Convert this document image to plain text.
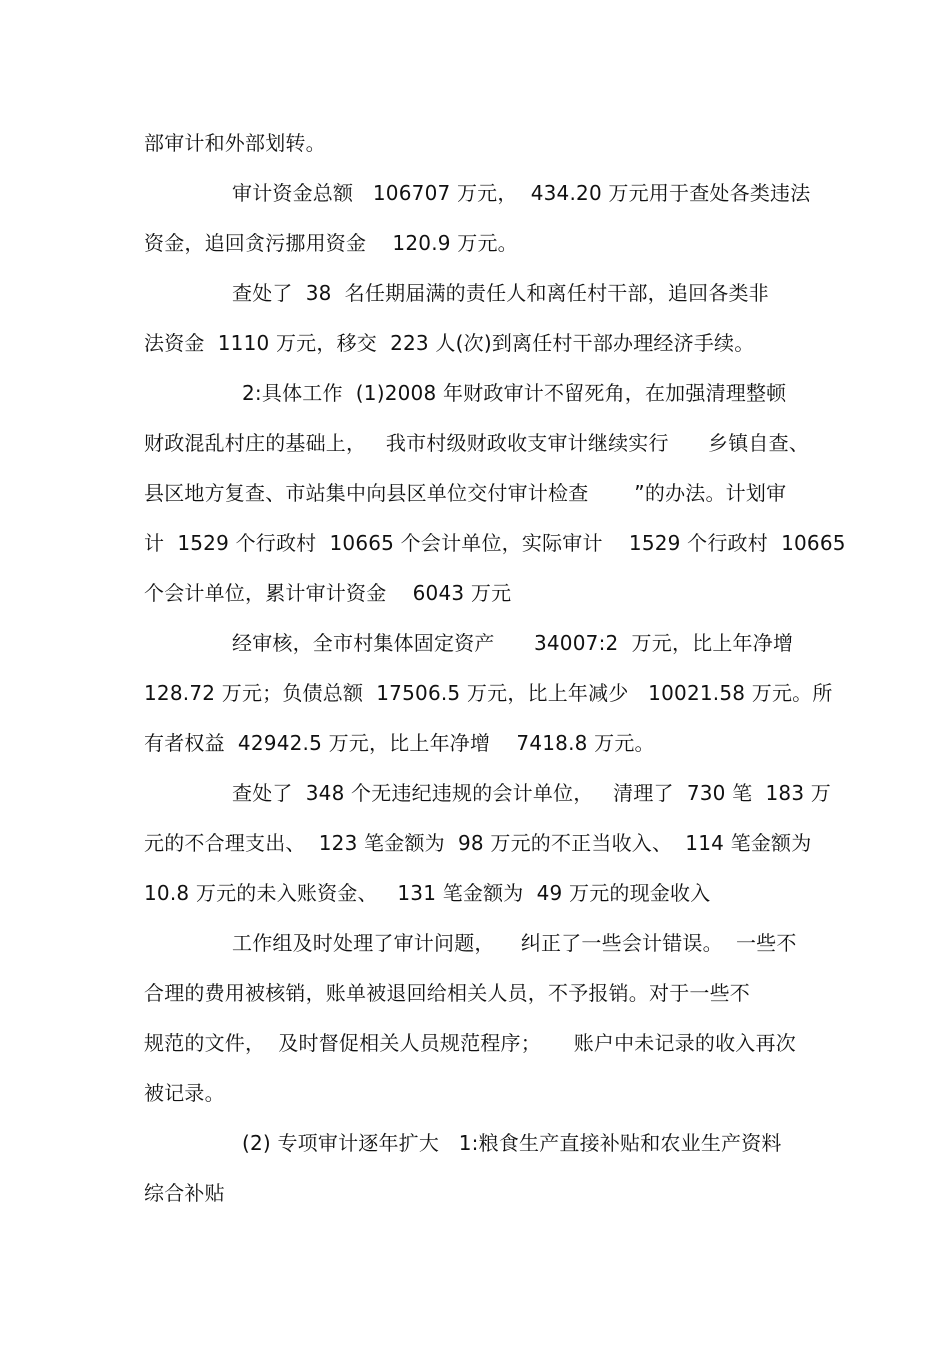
部审计和外部划转。
审计资金总额   106707 万元，  434.20 万元用于查处各类违法
资金，追回贪污挪用资金    120.9 万元。
查处了  38  名任期届满的责任人和离任村干部，追回各类非
法资金  1110 万元，移交  223 人(次)到离任村干部办理经济手续。
2:具体工作  (1)2008 年财政审计不留死角，在加强清理整顿
财政混乱村庄的基础上，   我市村级财政收支审计继续实行      乡镇自查、
县区地方复查、市站集中向县区单位交付审计检查       ”的办法。计划审
计  1529 个行政村  10665 个会计单位，实际审计    1529 个行政村  10665
个会计单位，累计审计资金    6043 万元
经审核，全市村集体固定资产      34007:2  万元，比上年净增
128.72 万元；负债总额  17506.5 万元，比上年减少   10021.58 万元。所
有者权益  42942.5 万元，比上年净增    7418.8 万元。
查处了  348 个无违纪违规的会计单位，   清理了  730 笔  183 万
元的不合理支出、  123 笔金额为  98 万元的不正当收入、  114 笔金额为
10.8 万元的未入账资金、   131 笔金额为  49 万元的现金收入
工作组及时处理了审计问题，    纠正了一些会计错误。  一些不
合理的费用被核销，账单被退回给相关人员，不予报销。对于一些不
规范的文件，  及时督促相关人员规范程序；     账户中未记录的收入再次
被记录。
(2) 专项审计逐年扩大   1:粮食生产直接补贴和农业生产资料
综合补贴
